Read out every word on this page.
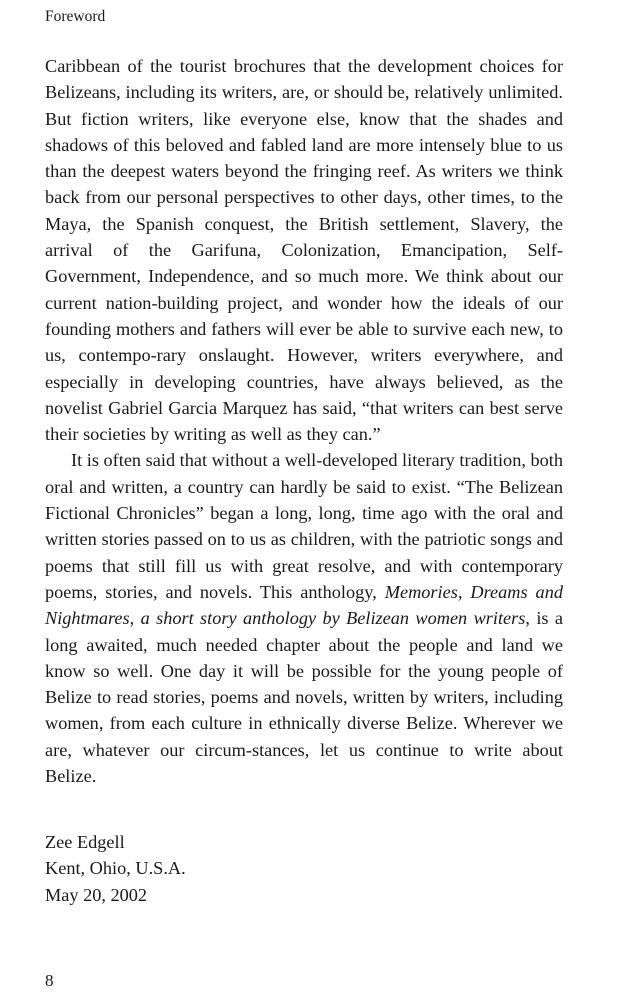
Foreword

Caribbean of the tourist brochures that the development choices for Belizeans, including its writers, are, or should be, relatively unlimited. But fiction writers, like everyone else, know that the shades and shadows of this beloved and fabled land are more intensely blue to us than the deepest waters beyond the fringing reef. As writers we think back from our personal perspectives to other days, other times, to the Maya, the Spanish conquest, the British settlement, Slavery, the arrival of the Garifuna, Colonization, Emancipation, Self-Government, Independence, and so much more. We think about our current nation-building project, and wonder how the ideals of our founding mothers and fathers will ever be able to survive each new, to us, contempo-rary onslaught. However, writers everywhere, and especially in developing countries, have always believed, as the novelist Gabriel Garcia Marquez has said, “that writers can best serve their societies by writing as well as they can.”

It is often said that without a well-developed literary tradition, both oral and written, a country can hardly be said to exist. “The Belizean Fictional Chronicles” began a long, long, time ago with the oral and written stories passed on to us as children, with the patriotic songs and poems that still fill us with great resolve, and with contemporary poems, stories, and novels. This anthology, Memories, Dreams and Nightmares, a short story anthology by Belizean women writers, is a long awaited, much needed chapter about the people and land we know so well. One day it will be possible for the young people of Belize to read stories, poems and novels, written by writers, including women, from each culture in ethnically diverse Belize. Wherever we are, whatever our circum-stances, let us continue to write about Belize.

Zee Edgell
Kent, Ohio, U.S.A.
May 20, 2002
8
